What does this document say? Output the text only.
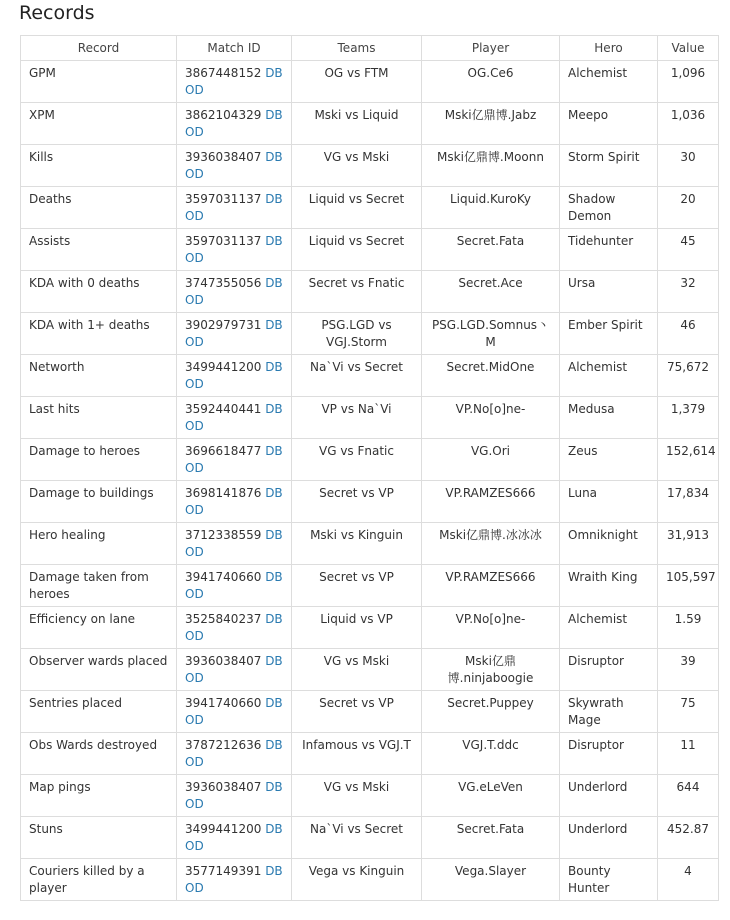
Records
Record	Match ID	Teams	Player	Hero	Value
GPM	3867448152 DB OD	OG vs FTM	OG.Ce6	Alchemist	1,096
XPM	3862104329 DB OD	Mski vs Liquid	Mski亿鼎博.Jabz	Meepo	1,036
Kills	3936038407 DB OD	VG vs Mski	Mski亿鼎博.Moonn	Storm Spirit	30
Deaths	3597031137 DB OD	Liquid vs Secret	Liquid.KuroKy	Shadow Demon	20
Assists	3597031137 DB OD	Liquid vs Secret	Secret.Fata	Tidehunter	45
KDA with 0 deaths	3747355056 DB OD	Secret vs Fnatic	Secret.Ace	Ursa	32
KDA with 1+ deaths	3902979731 DB OD	PSG.LGD vs VGJ.Storm	PSG.LGD.Somnus丶M	Ember Spirit	46
Networth	3499441200 DB OD	Na`Vi vs Secret	Secret.MidOne	Alchemist	75,672
Last hits	3592440441 DB OD	VP vs Na`Vi	VP.No[o]ne-	Medusa	1,379
Damage to heroes	3696618477 DB OD	VG vs Fnatic	VG.Ori	Zeus	152,614
Damage to buildings	3698141876 DB OD	Secret vs VP	VP.RAMZES666	Luna	17,834
Hero healing	3712338559 DB OD	Mski vs Kinguin	Mski亿鼎博.冰冰冰	Omniknight	31,913
Damage taken from heroes	3941740660 DB OD	Secret vs VP	VP.RAMZES666	Wraith King	105,597
Efficiency on lane	3525840237 DB OD	Liquid vs VP	VP.No[o]ne-	Alchemist	1.59
Observer wards placed	3936038407 DB OD	VG vs Mski	Mski亿鼎博.ninjaboogie	Disruptor	39
Sentries placed	3941740660 DB OD	Secret vs VP	Secret.Puppey	Skywrath Mage	75
Obs Wards destroyed	3787212636 DB OD	Infamous vs VGJ.T	VGJ.T.ddc	Disruptor	11
Map pings	3936038407 DB OD	VG vs Mski	VG.eLeVen	Underlord	644
Stuns	3499441200 DB OD	Na`Vi vs Secret	Secret.Fata	Underlord	452.87
Couriers killed by a player	3577149391 DB OD	Vega vs Kinguin	Vega.Slayer	Bounty Hunter	4
